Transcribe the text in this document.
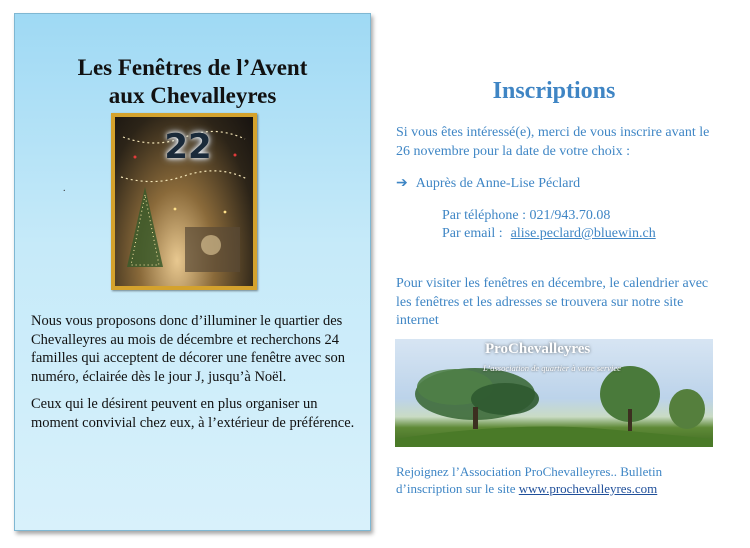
Les Fenêtres de l’Avent
aux Chevalleyres
22
.

Nous vous proposons donc d’illuminer le quartier des Chevalleyres au mois de décembre et recherchons 24 familles qui acceptent de décorer une fenêtre avec son numéro, éclairée dès le jour J, jusqu’à Noël.

Ceux qui le désirent peuvent en plus organiser un moment convivial chez eux, à l’extérieur de préférence.

Inscriptions
Si vous êtes intéressé(e), merci de vous inscrire avant le 26 novembre pour la date de votre choix :
➔ Auprès de Anne-Lise Péclard
Par téléphone : 021/943.70.08
Par email : alise.peclard@bluewin.ch
Pour visiter les fenêtres en décembre, le calendrier avec les fenêtres et les adresses se trouvera sur notre site internet
ProChevalleyres
L’association de quartier à votre service
Rejoignez l’Association ProChevalleyres.. Bulletin d’inscription sur le site www.prochevalleyres.com
